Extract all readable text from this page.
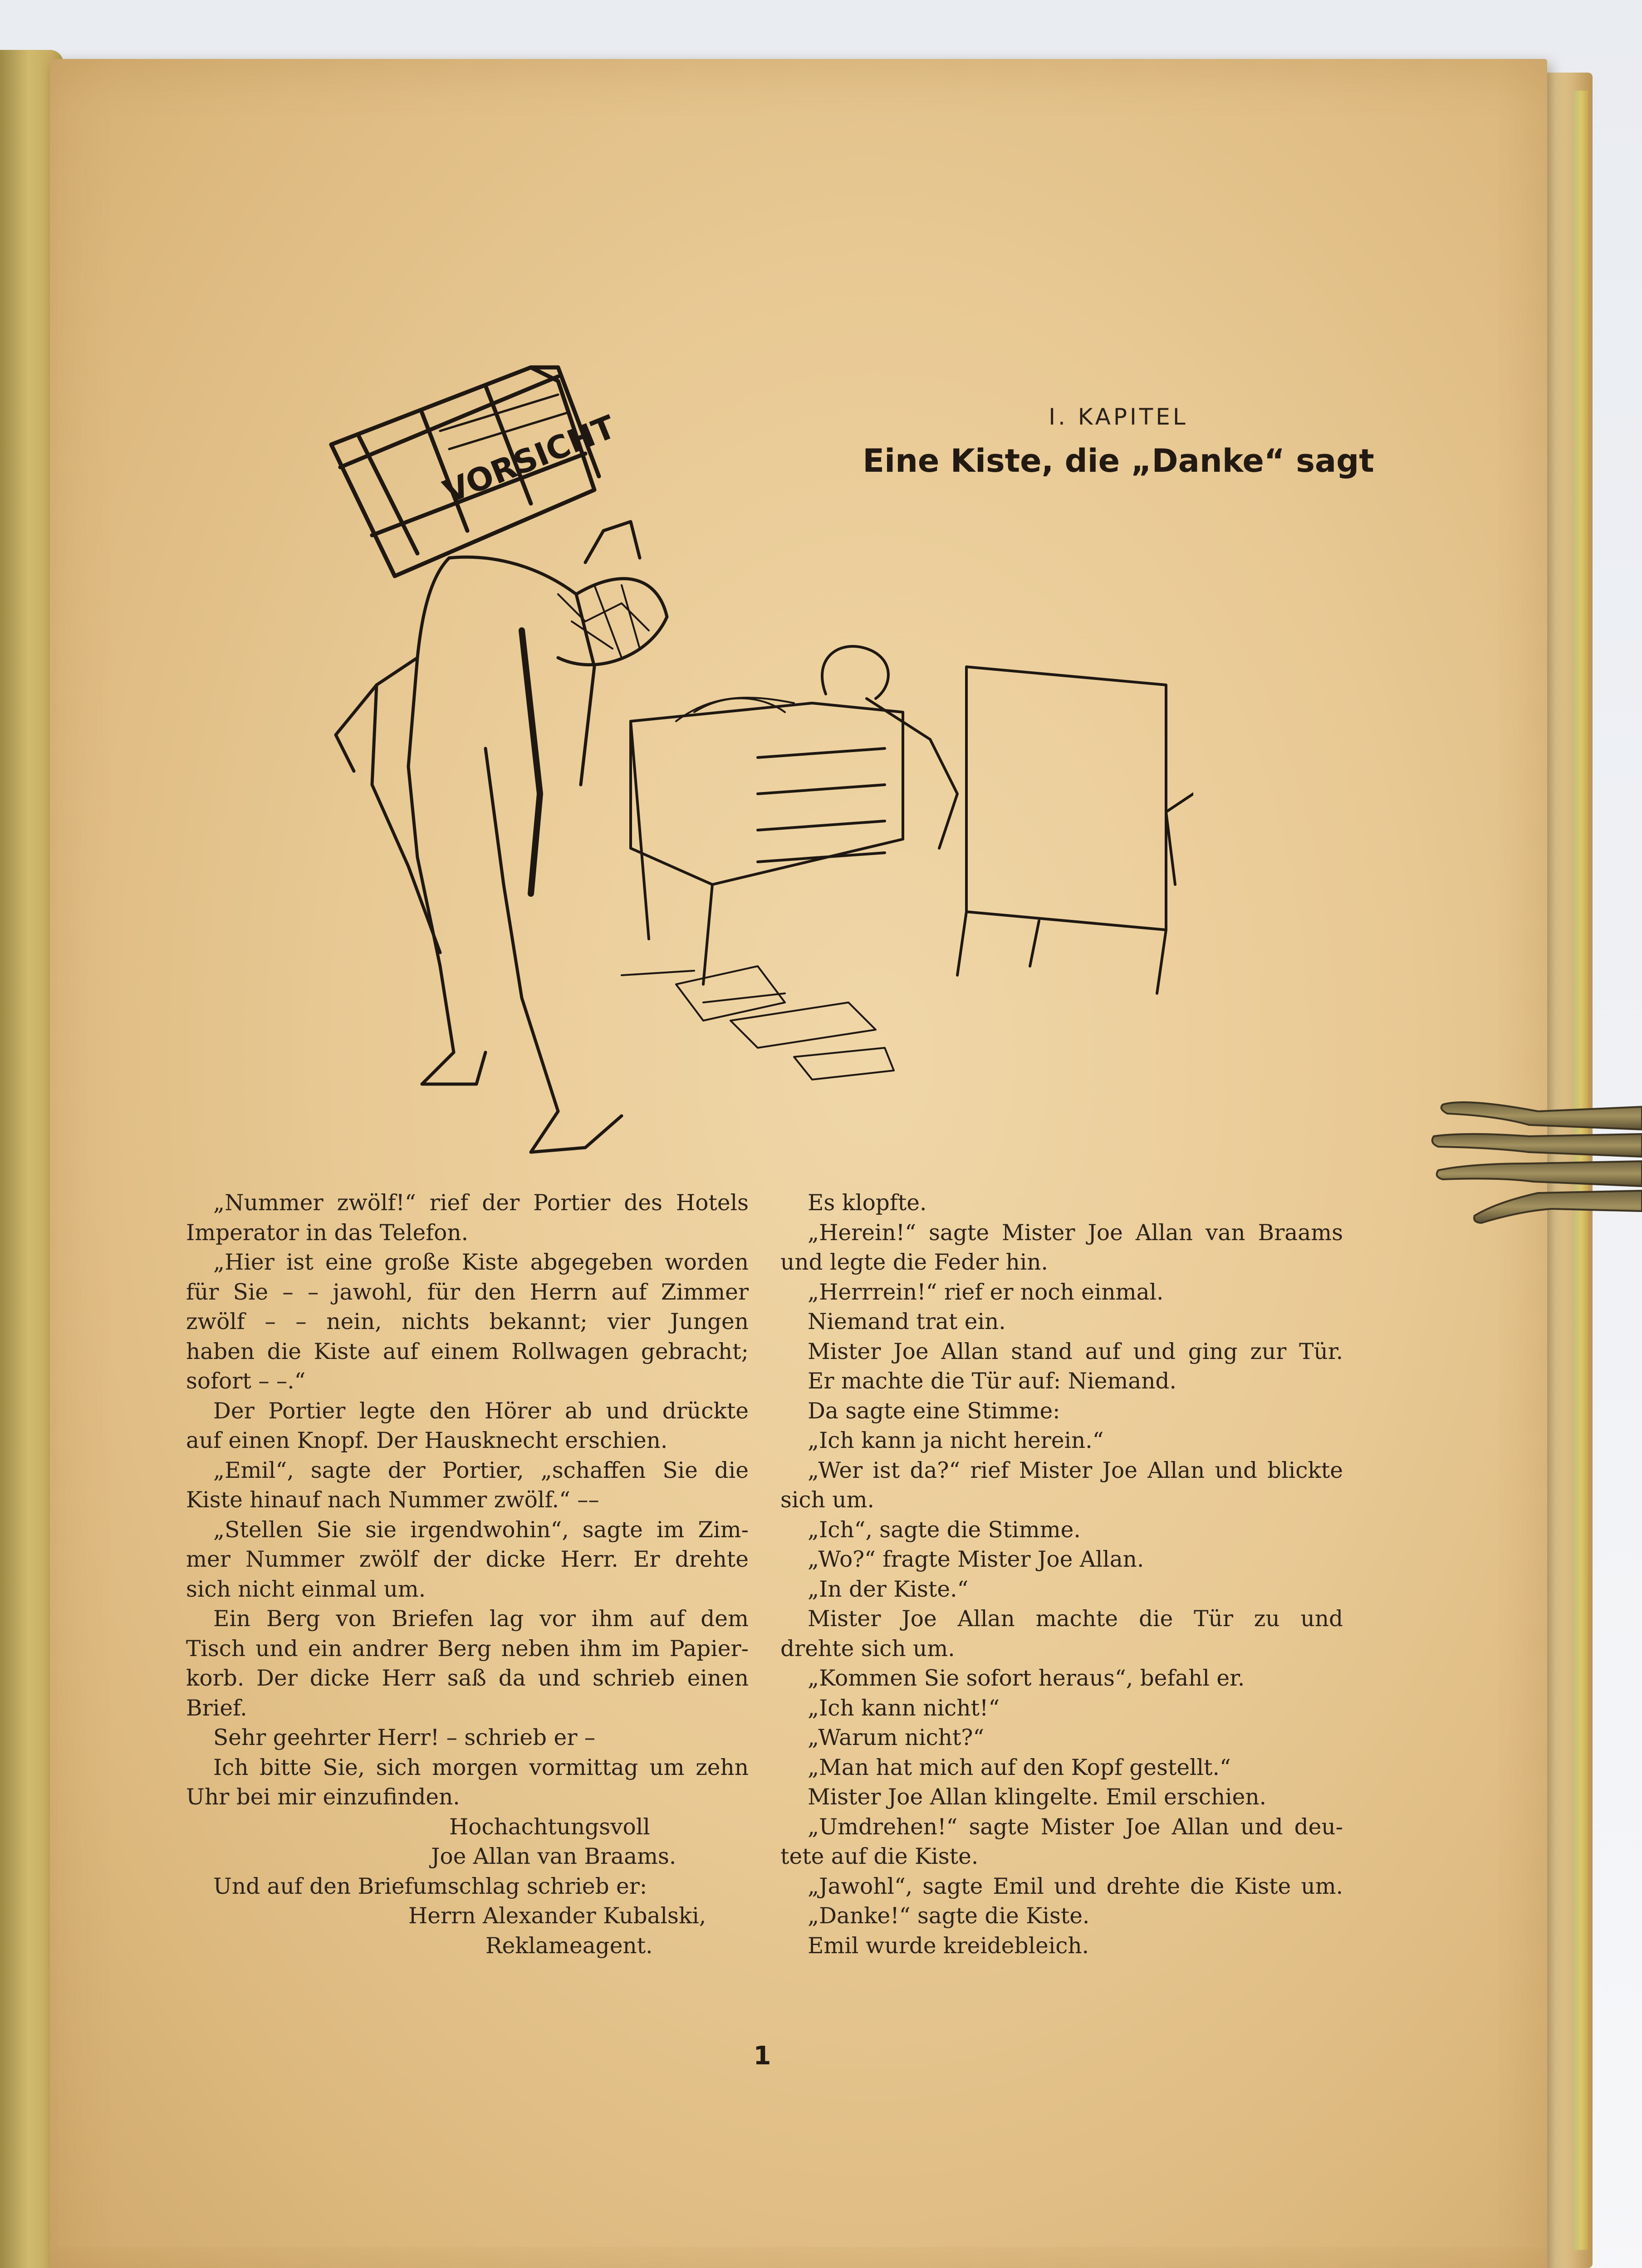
VORSICHT	I. KAPITEL
Eine Kiste, die „Danke“ sagt

„Nummer zwölf!“ rief der Portier des Hotels

Imperator in das Telefon.

„Hier ist eine große Kiste abgegeben worden

für Sie – – jawohl, für den Herrn auf Zimmer

zwölf – – nein, nichts bekannt; vier Jungen

haben die Kiste auf einem Rollwagen gebracht;

sofort – –.“

Der Portier legte den Hörer ab und drückte

auf einen Knopf. Der Hausknecht erschien.

„Emil“, sagte der Portier, „schaffen Sie die

Kiste hinauf nach Nummer zwölf.“ ––

„Stellen Sie sie irgendwohin“, sagte im Zim-

mer Nummer zwölf der dicke Herr. Er drehte

sich nicht einmal um.

Ein Berg von Briefen lag vor ihm auf dem

Tisch und ein andrer Berg neben ihm im Papier-

korb. Der dicke Herr saß da und schrieb einen

Brief.

Sehr geehrter Herr! – schrieb er –

Ich bitte Sie, sich morgen vormittag um zehn

Uhr bei mir einzufinden.

Hochachtungsvoll

Joe Allan van Braams.

Und auf den Briefumschlag schrieb er:

Herrn Alexander Kubalski,

Reklameagent.

Es klopfte.

„Herein!“ sagte Mister Joe Allan van Braams

und legte die Feder hin.

„Herrrein!“ rief er noch einmal.

Niemand trat ein.

Mister Joe Allan stand auf und ging zur Tür.

Er machte die Tür auf: Niemand.

Da sagte eine Stimme:

„Ich kann ja nicht herein.“

„Wer ist da?“ rief Mister Joe Allan und blickte

sich um.

„Ich“, sagte die Stimme.

„Wo?“ fragte Mister Joe Allan.

„In der Kiste.“

Mister Joe Allan machte die Tür zu und

drehte sich um.

„Kommen Sie sofort heraus“, befahl er.

„Ich kann nicht!“

„Warum nicht?“

„Man hat mich auf den Kopf gestellt.“

Mister Joe Allan klingelte. Emil erschien.

„Umdrehen!“ sagte Mister Joe Allan und deu-

tete auf die Kiste.

„Jawohl“, sagte Emil und drehte die Kiste um.

„Danke!“ sagte die Kiste.

Emil wurde kreidebleich.

1
